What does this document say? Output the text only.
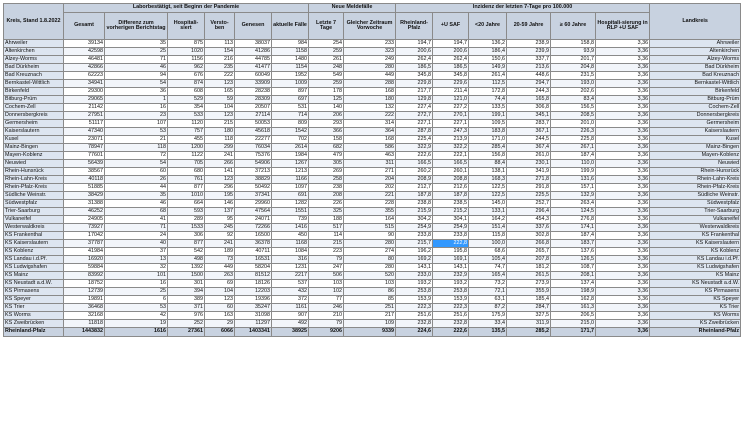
Kreis, Stand 1.8.2022	Laborbestätigt, seit Beginn der Pandemie						Neue Meldefälle		Inzidenz der letzten 7-Tage pro 100.000						Landkreis
	Gesamt	Differenz zum vorherigen Berichtstag	Hospitali-siert	Versto-ben	Genesen	aktuelle Fälle	Letzte 7 Tage	Gleicher Zeitraum Vorwoche	Rheinland-Pfalz	+U SAF	<20 Jahre	20-59 Jahre	≥ 60 Jahre	Hospitali-sierung in RLP +U SAF	
Ahrweiler	39134	35	875	113	38037	984	254	233	194,7	194,7	136,2	238,9	158,8	3,36	Ahrweiler
Altenkirchen	42598	25	1020	154	41286	1158	259	323	200,6	200,6	186,4	239,9	93,9	3,36	Altenkirchen
Alzey-Worms	46481	71	1156	216	44785	1480	261	249	262,4	262,4	150,6	337,7	201,7	3,36	Alzey-Worms
Bad Dürkheim	42866	46	962	235	41477	1154	248	280	186,5	186,5	149,9	213,6	204,8	3,36	Bad Dürkheim
Bad Kreuznach	62223	94	676	222	60049	1952	549	449	345,8	345,8	261,4	448,6	231,5	3,36	Bad Kreuznach
Bernkastel-Wittlich	34941	54	874	123	33909	1009	259	288	229,8	229,6	112,5	294,7	193,0	3,36	Bernkastel-Wittlich
Birkenfeld	29300	36	608	165	28238	897	178	168	217,7	211,4	172,8	244,3	202,6	3,36	Birkenfeld
Bitburg-Prüm	29065	1	529	59	28309	697	125	180	129,8	121,0	74,4	165,8	83,4	3,36	Bitburg-Prüm
Cochem-Zell	21142	16	354	104	20507	531	140	132	227,4	227,2	133,5	306,8	156,5	3,36	Cochem-Zell
Donnersbergkreis	27951	23	533	123	27114	714	206	222	272,7	270,1	199,1	345,1	208,5	3,36	Donnersbergkreis
Germersheim	51117	107	1120	215	50053	809	293	314	227,1	227,1	109,5	283,7	201,0	3,36	Germersheim
Kaiserslautern	47340	53	757	180	45618	1542	366	364	287,8	247,3	183,8	367,1	226,3	3,36	Kaiserslautern
Kusel	23071	21	455	118	22277	702	158	168	225,4	213,9	171,0	244,5	225,8	3,36	Kusel
Mainz-Bingen	78947	118	1200	299	76034	2614	682	586	322,9	322,2	285,4	367,4	267,1	3,36	Mainz-Bingen
Mayen-Koblenz	77601	72	1122	241	75376	1984	479	463	222,6	222,1	156,8	261,0	187,4	3,36	Mayen-Koblenz
Neuwied	56439	54	705	266	54906	1267	305	311	166,5	166,5	88,4	230,1	110,0	3,36	Neuwied
Rhein-Hunsrück	38567	60	680	141	37213	1213	269	271	260,2	260,1	138,1	341,9	199,9	3,36	Rhein-Hunsrück
Rhein-Lahn-Kreis	40118	26	761	123	38829	1166	258	204	208,9	208,8	168,3	271,8	131,6	3,36	Rhein-Lahn-Kreis
Rhein-Pfalz-Kreis	51885	44	877	296	50492	1097	238	202	212,7	212,6	122,5	291,8	157,1	3,36	Rhein-Pfalz-Kreis
Südliche Weinstr.	38429	35	1010	195	37341	691	208	221	187,8	187,8	122,5	225,5	132,9	3,36	Südliche Weinstr.
Südwestpfalz	31388	46	664	146	29960	1282	226	228	238,8	238,5	145,0	252,7	263,4	3,36	Südwestpfalz
Trier-Saarburg	46252	68	593	137	47564	1551	325	355	215,9	215,2	133,1	296,4	124,5	3,36	Trier-Saarburg
Vulkaneifel	24905	41	289	95	24071	739	188	164	304,2	304,1	164,2	454,3	276,8	3,36	Vulkaneifel
Westerwaldkreis	73927	71	1533	245	72266	1416	517	515	254,9	254,9	151,4	337,6	174,1	3,36	Westerwaldkreis
KS Frankenthal	17042	24	306	92	16500	450	114	90	233,8	233,8	115,8	302,8	187,4	3,36	KS Frankenthal
KS Kaiserslautern	37787	40	877	241	36378	1168	215	280	215,7	222,8	100,0	266,8	183,7	3,36	KS Kaiserslautern
KS Koblenz	41984	37	542	189	40711	1084	223	274	196,2	195,8	68,6	265,7	137,6	3,36	KS Koblenz
KS Landau i.d.Pf.	16920	13	498	73	16531	316	79	80	169,2	169,1	105,4	207,8	126,5	3,36	KS Landau i.d.Pf.
KS Ludwigshafen	59884	32	1392	449	58204	1231	247	280	143,1	143,1	74,7	181,2	108,7	3,36	KS Ludwigshafen
KS Mainz	83992	101	1500	263	81512	2217	506	520	233,0	232,9	165,4	261,5	208,1	3,36	KS Mainz
KS Neustadt a.d.W.	18752	16	301	69	18126	537	103	103	193,2	193,2	73,2	273,9	137,4	3,36	KS Neustadt a.d.W.
KS Pirmasens	12739	25	394	104	12203	432	102	86	253,8	253,8	72,1	355,9	198,9	3,36	KS Pirmasens
KS Speyer	19891	6	389	123	19396	372	77	85	153,9	153,9	63,1	185,4	162,8	3,36	KS Speyer
KS Trier	36468	53	371	60	35247	1161	246	251	222,3	222,3	87,2	284,7	161,3	3,36	KS Trier
KS Worms	32168	42	976	163	31098	907	210	217	251,6	251,6	175,9	327,5	206,5	3,36	KS Worms
KS Zweibrücken	11818	19	252	29	11297	492	79	109	232,8	232,8	33,4	311,9	215,0	3,36	KS Zweibrücken
Rheinland-Pfalz	1443832	1616	27361	6066	1403341	38925	9206	9339	224,6	222,6	135,5	285,2	171,7	3,36	Rheinland-Pfalz
